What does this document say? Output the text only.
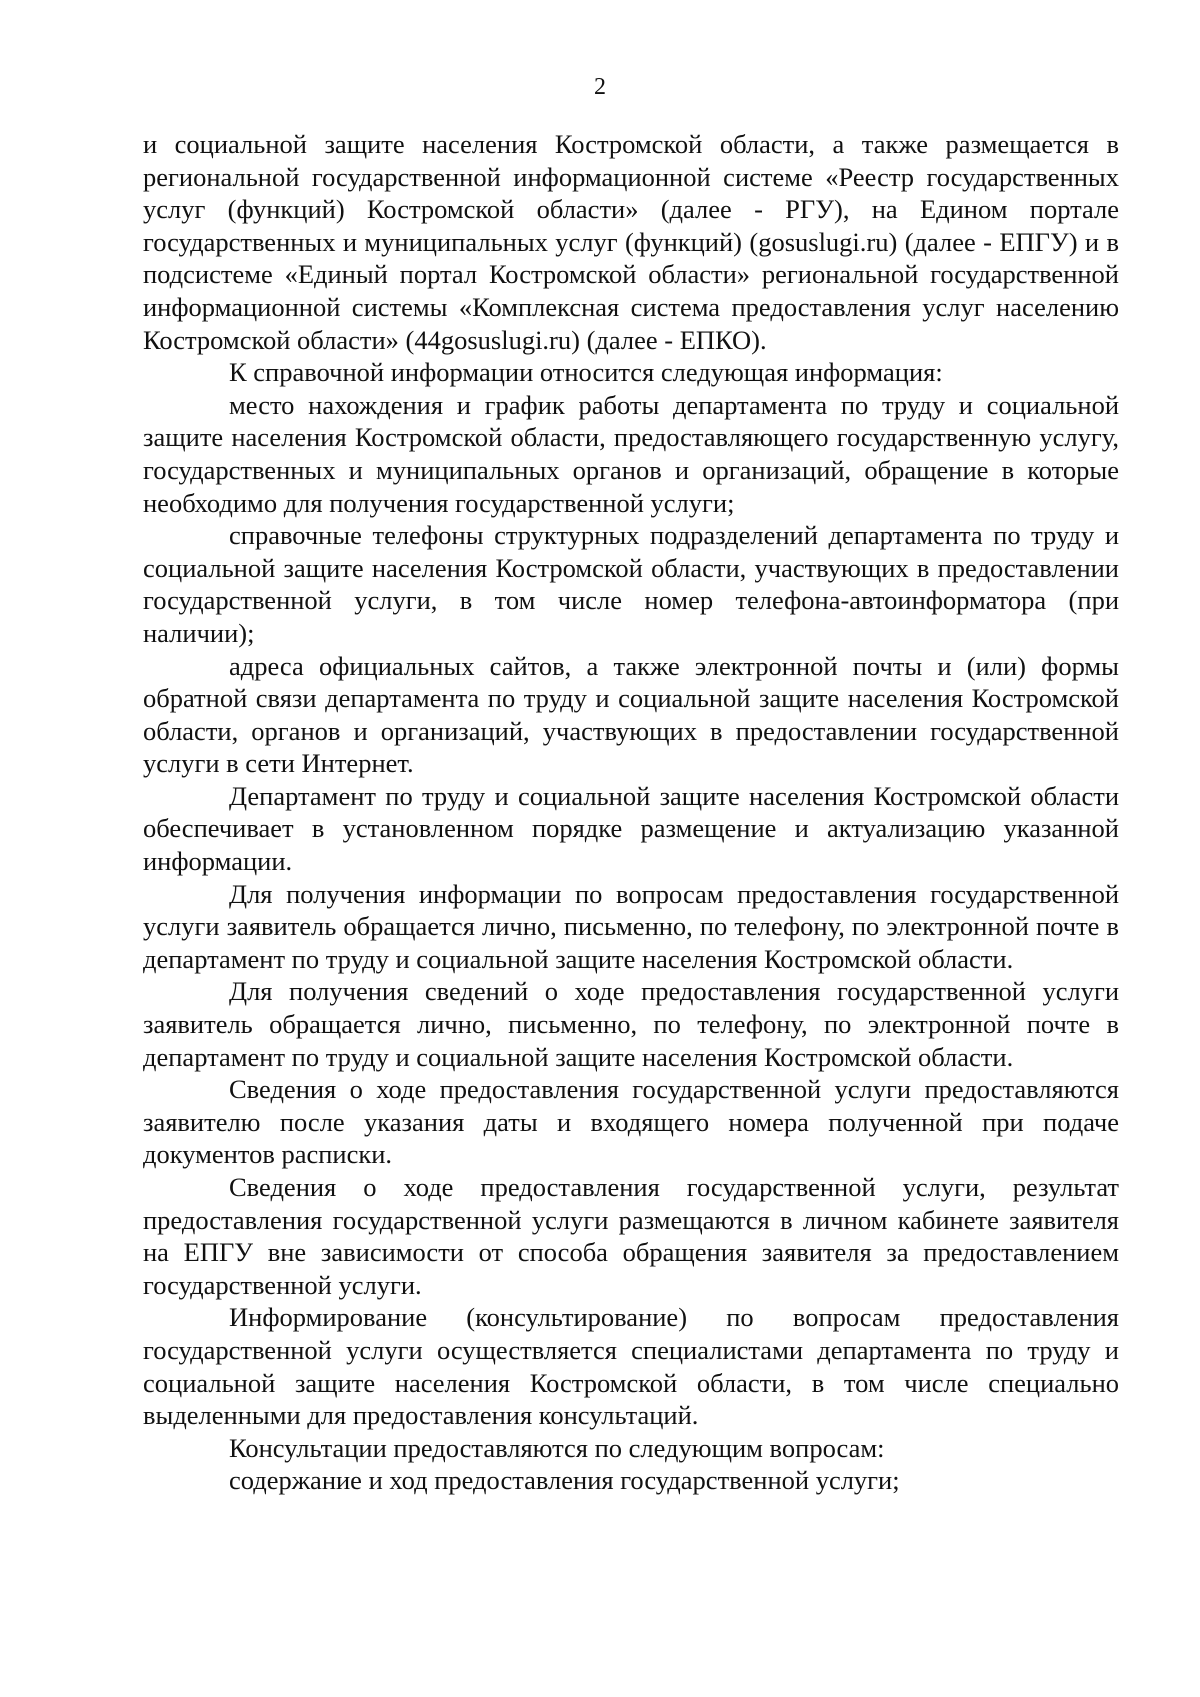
2

и социальной защите населения Костромской области, а также размещается в региональной государственной информационной системе «Реестр государственных услуг (функций) Костромской области» (далее - РГУ), на Едином портале государственных и муниципальных услуг (функций) (gosuslugi.ru) (далее - ЕПГУ) и в подсистеме «Единый портал Костромской области» региональной государственной информационной системы «Комплексная система предоставления услуг населению Костромской области» (44gosuslugi.ru) (далее - ЕПКО).

К справочной информации относится следующая информация:

место нахождения и график работы департамента по труду и социальной защите населения Костромской области, предоставляющего государственную услугу, государственных и муниципальных органов и организаций, обращение в которые необходимо для получения государственной услуги;

справочные телефоны структурных подразделений департамента по труду и социальной защите населения Костромской области, участвующих в предоставлении государственной услуги, в том числе номер телефона-автоинформатора (при наличии);

адреса официальных сайтов, а также электронной почты и (или) формы обратной связи департамента по труду и социальной защите населения Костромской области, органов и организаций, участвующих в предоставлении государственной услуги в сети Интернет.

Департамент по труду и социальной защите населения Костромской области обеспечивает в установленном порядке размещение и актуализацию указанной информации.

Для получения информации по вопросам предоставления государственной услуги заявитель обращается лично, письменно, по телефону, по электронной почте в департамент по труду и социальной защите населения Костромской области.

Для получения сведений о ходе предоставления государственной услуги заявитель обращается лично, письменно, по телефону, по электронной почте в департамент по труду и социальной защите населения Костромской области.

Сведения о ходе предоставления государственной услуги предоставляются заявителю после указания даты и входящего номера полученной при подаче документов расписки.

Сведения о ходе предоставления государственной услуги, результат предоставления государственной услуги размещаются в личном кабинете заявителя на ЕПГУ вне зависимости от способа обращения заявителя за предоставлением государственной услуги.

Информирование (консультирование) по вопросам предоставления государственной услуги осуществляется специалистами департамента по труду и социальной защите населения Костромской области, в том числе специально выделенными для предоставления консультаций.

Консультации предоставляются по следующим вопросам:

содержание и ход предоставления государственной услуги;
